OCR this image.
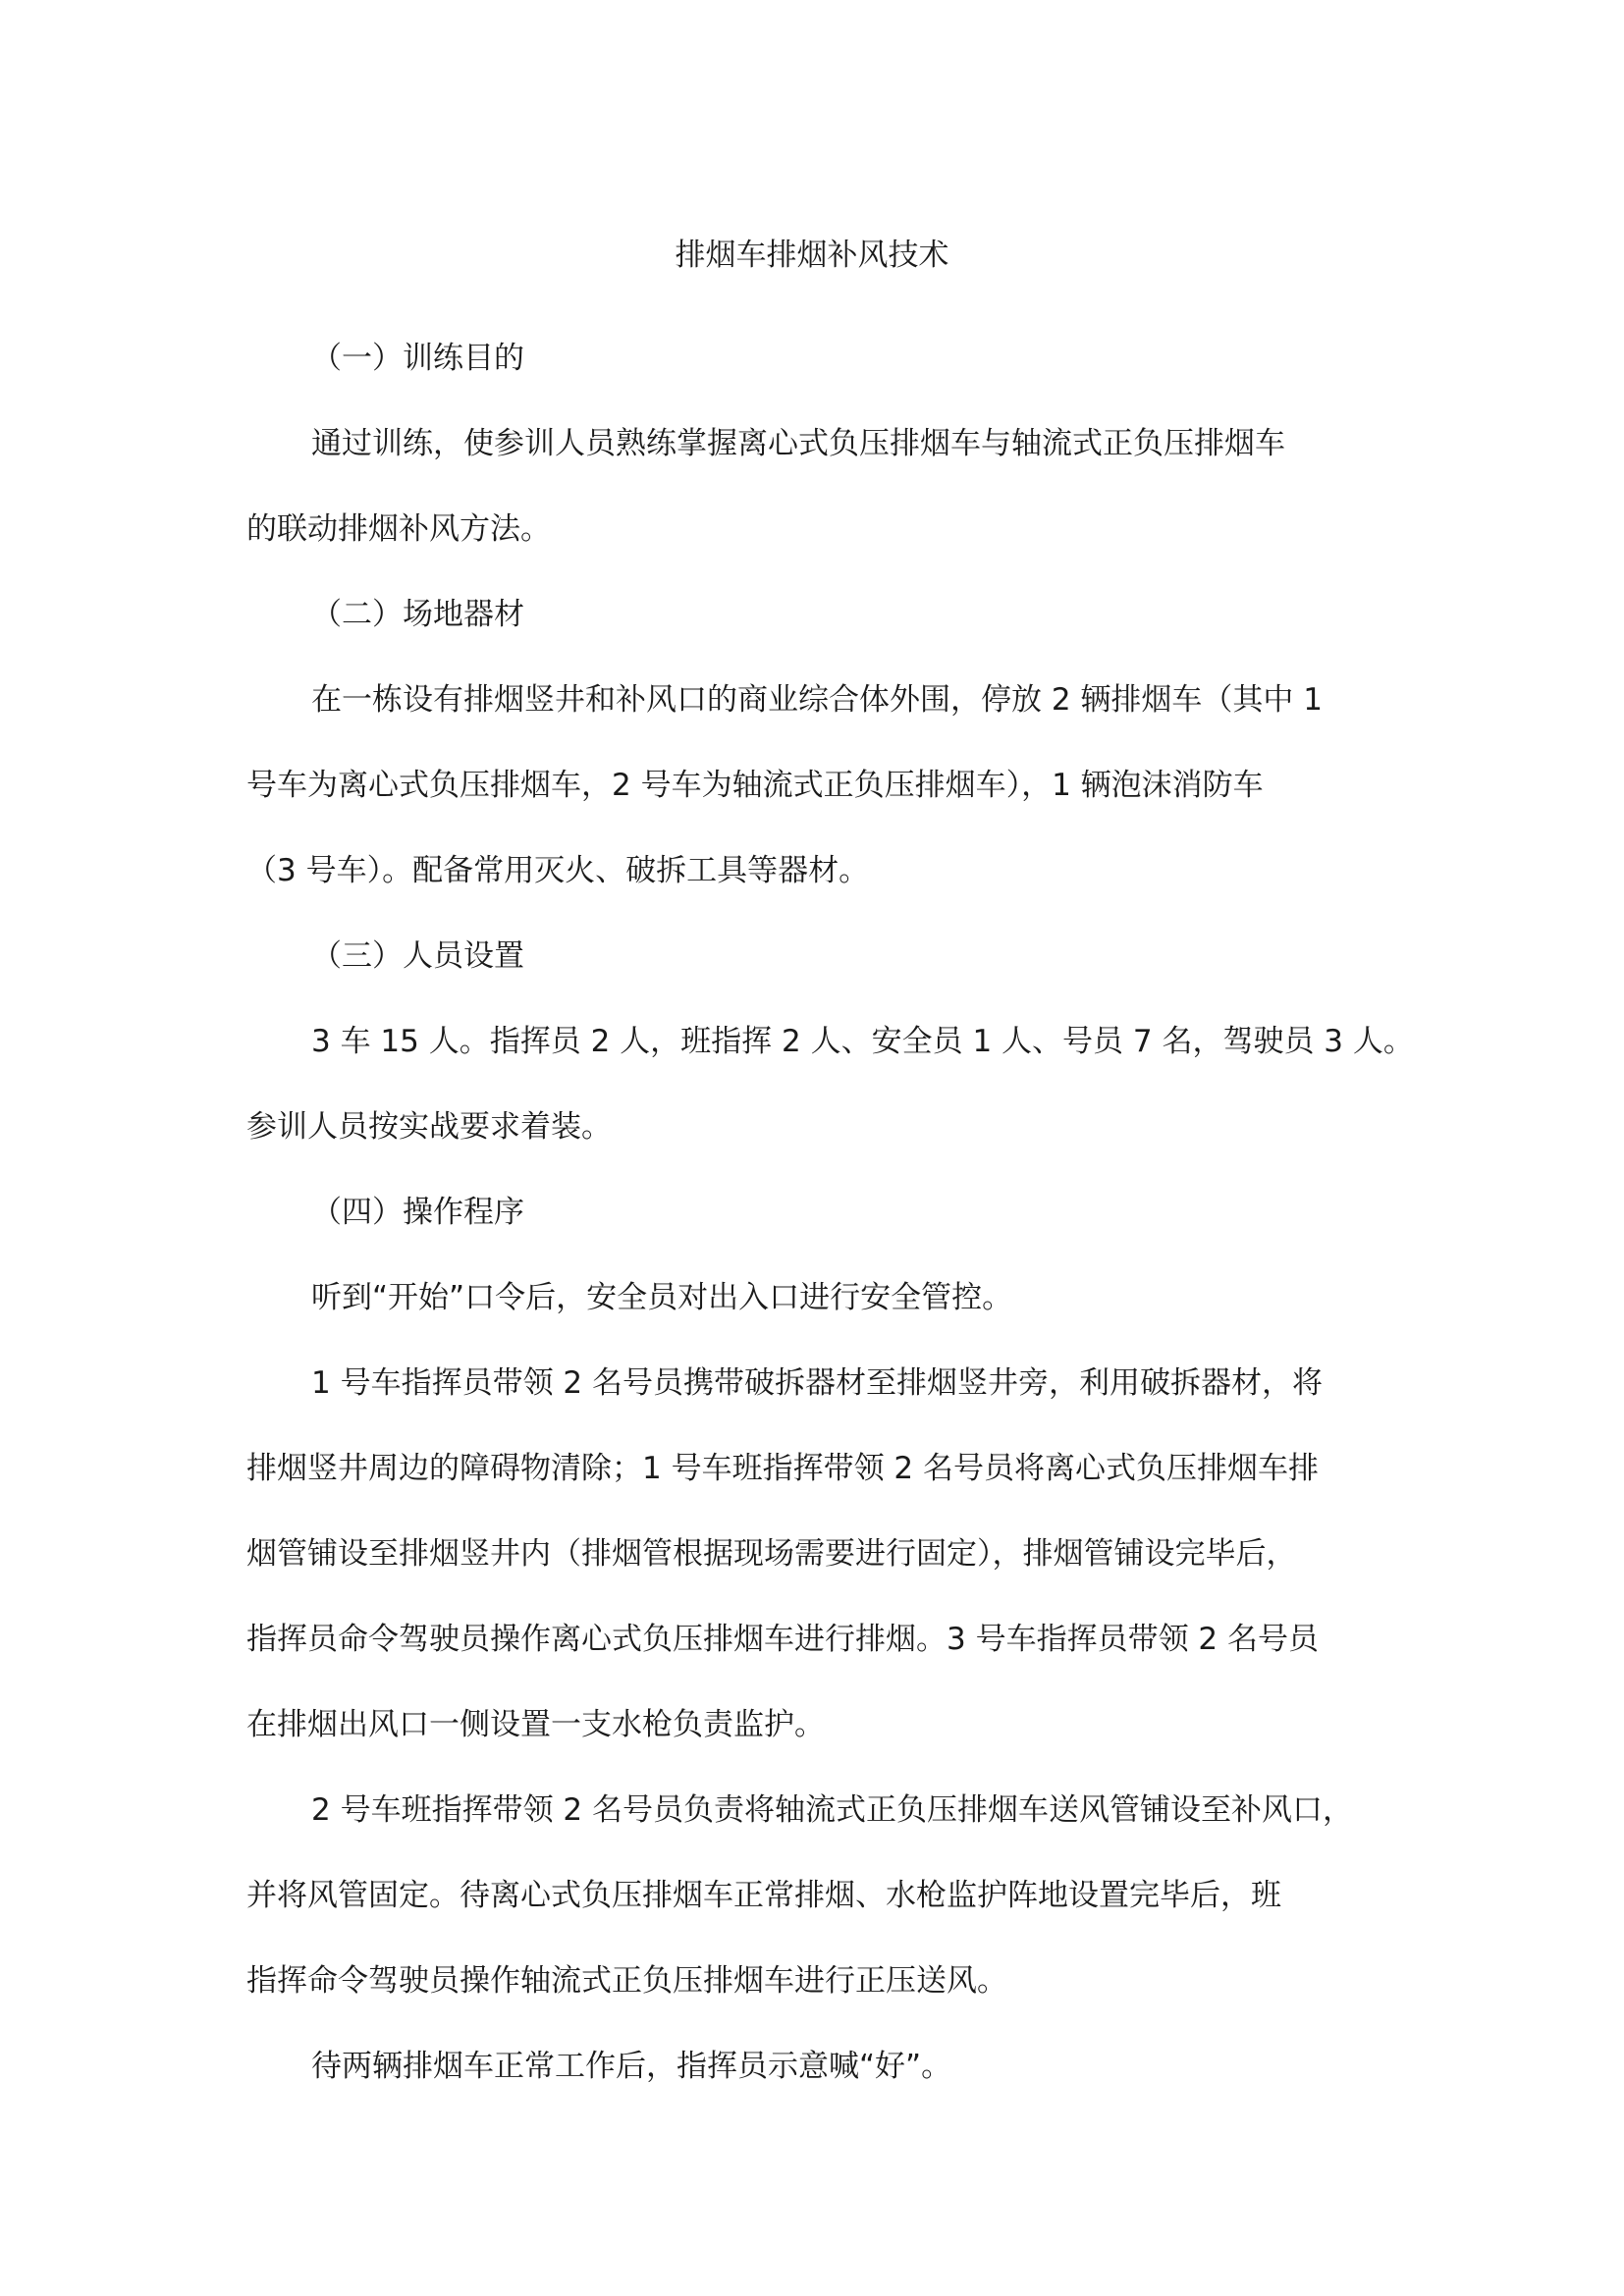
排烟车排烟补风技术

（一）训练目的

通过训练，使参训人员熟练掌握离心式负压排烟车与轴流式正负压排烟车
的联动排烟补风方法。

（二）场地器材

在一栋设有排烟竖井和补风口的商业综合体外围，停放 2 辆排烟车（其中 1
号车为离心式负压排烟车，2 号车为轴流式正负压排烟车），1 辆泡沫消防车
（3 号车）。配备常用灭火、破拆工具等器材。

（三）人员设置

3 车 15 人。指挥员 2 人，班指挥 2 人、安全员 1 人、号员 7 名，驾驶员 3 人。
参训人员按实战要求着装。

（四）操作程序

听到“开始”口令后，安全员对出入口进行安全管控。

1 号车指挥员带领 2 名号员携带破拆器材至排烟竖井旁，利用破拆器材，将
排烟竖井周边的障碍物清除；1 号车班指挥带领 2 名号员将离心式负压排烟车排
烟管铺设至排烟竖井内（排烟管根据现场需要进行固定），排烟管铺设完毕后，
指挥员命令驾驶员操作离心式负压排烟车进行排烟。3 号车指挥员带领 2 名号员
在排烟出风口一侧设置一支水枪负责监护。

2 号车班指挥带领 2 名号员负责将轴流式正负压排烟车送风管铺设至补风口，
并将风管固定。待离心式负压排烟车正常排烟、水枪监护阵地设置完毕后，班
指挥命令驾驶员操作轴流式正负压排烟车进行正压送风。

待两辆排烟车正常工作后，指挥员示意喊“好”。
